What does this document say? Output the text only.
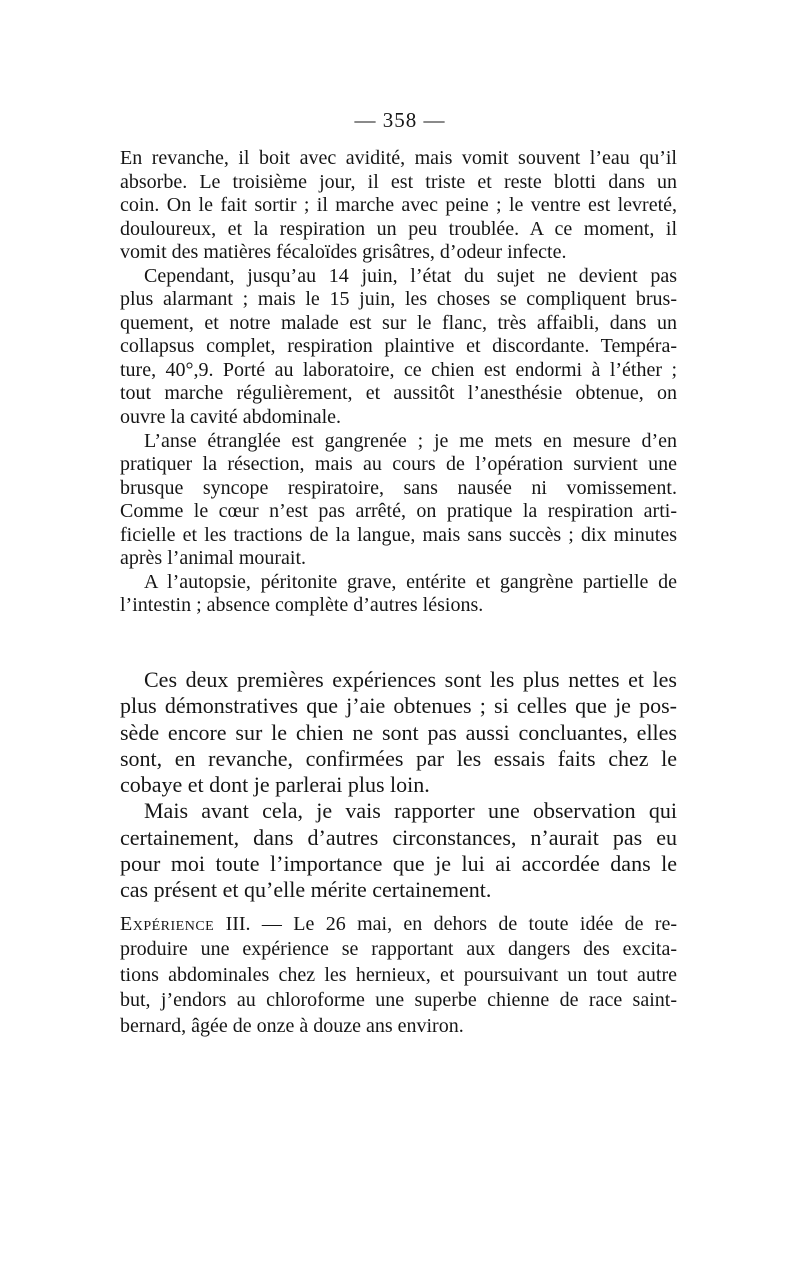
— 358 —
En revanche, il boit avec avidité, mais vomit souvent l’eau qu’il
absorbe. Le troisième jour, il est triste et reste blotti dans un
coin. On le fait sortir ; il marche avec peine ; le ventre est levreté,
douloureux, et la respiration un peu troublée. A ce moment, il
vomit des matières fécaloïdes grisâtres, d’odeur infecte.
Cependant, jusqu’au 14 juin, l’état du sujet ne devient pas
plus alarmant ; mais le 15 juin, les choses se compliquent brus-
quement, et notre malade est sur le flanc, très affaibli, dans un
collapsus complet, respiration plaintive et discordante. Tempéra-
ture, 40°,9. Porté au laboratoire, ce chien est endormi à l’éther ;
tout marche régulièrement, et aussitôt l’anesthésie obtenue, on
ouvre la cavité abdominale.
L’anse étranglée est gangrenée ; je me mets en mesure d’en
pratiquer la résection, mais au cours de l’opération survient une
brusque syncope respiratoire, sans nausée ni vomissement.
Comme le cœur n’est pas arrêté, on pratique la respiration arti-
ficielle et les tractions de la langue, mais sans succès ; dix minutes
après l’animal mourait.
A l’autopsie, péritonite grave, entérite et gangrène partielle de
l’intestin ; absence complète d’autres lésions.
Ces deux premières expériences sont les plus nettes et les
plus démonstratives que j’aie obtenues ; si celles que je pos-
sède encore sur le chien ne sont pas aussi concluantes, elles
sont, en revanche, confirmées par les essais faits chez le
cobaye et dont je parlerai plus loin.
Mais avant cela, je vais rapporter une observation qui
certainement, dans d’autres circonstances, n’aurait pas eu
pour moi toute l’importance que je lui ai accordée dans le
cas présent et qu’elle mérite certainement.
Expérience III. — Le 26 mai, en dehors de toute idée de re-
produire une expérience se rapportant aux dangers des excita-
tions abdominales chez les hernieux, et poursuivant un tout autre
but, j’endors au chloroforme une superbe chienne de race saint-
bernard, âgée de onze à douze ans environ.
